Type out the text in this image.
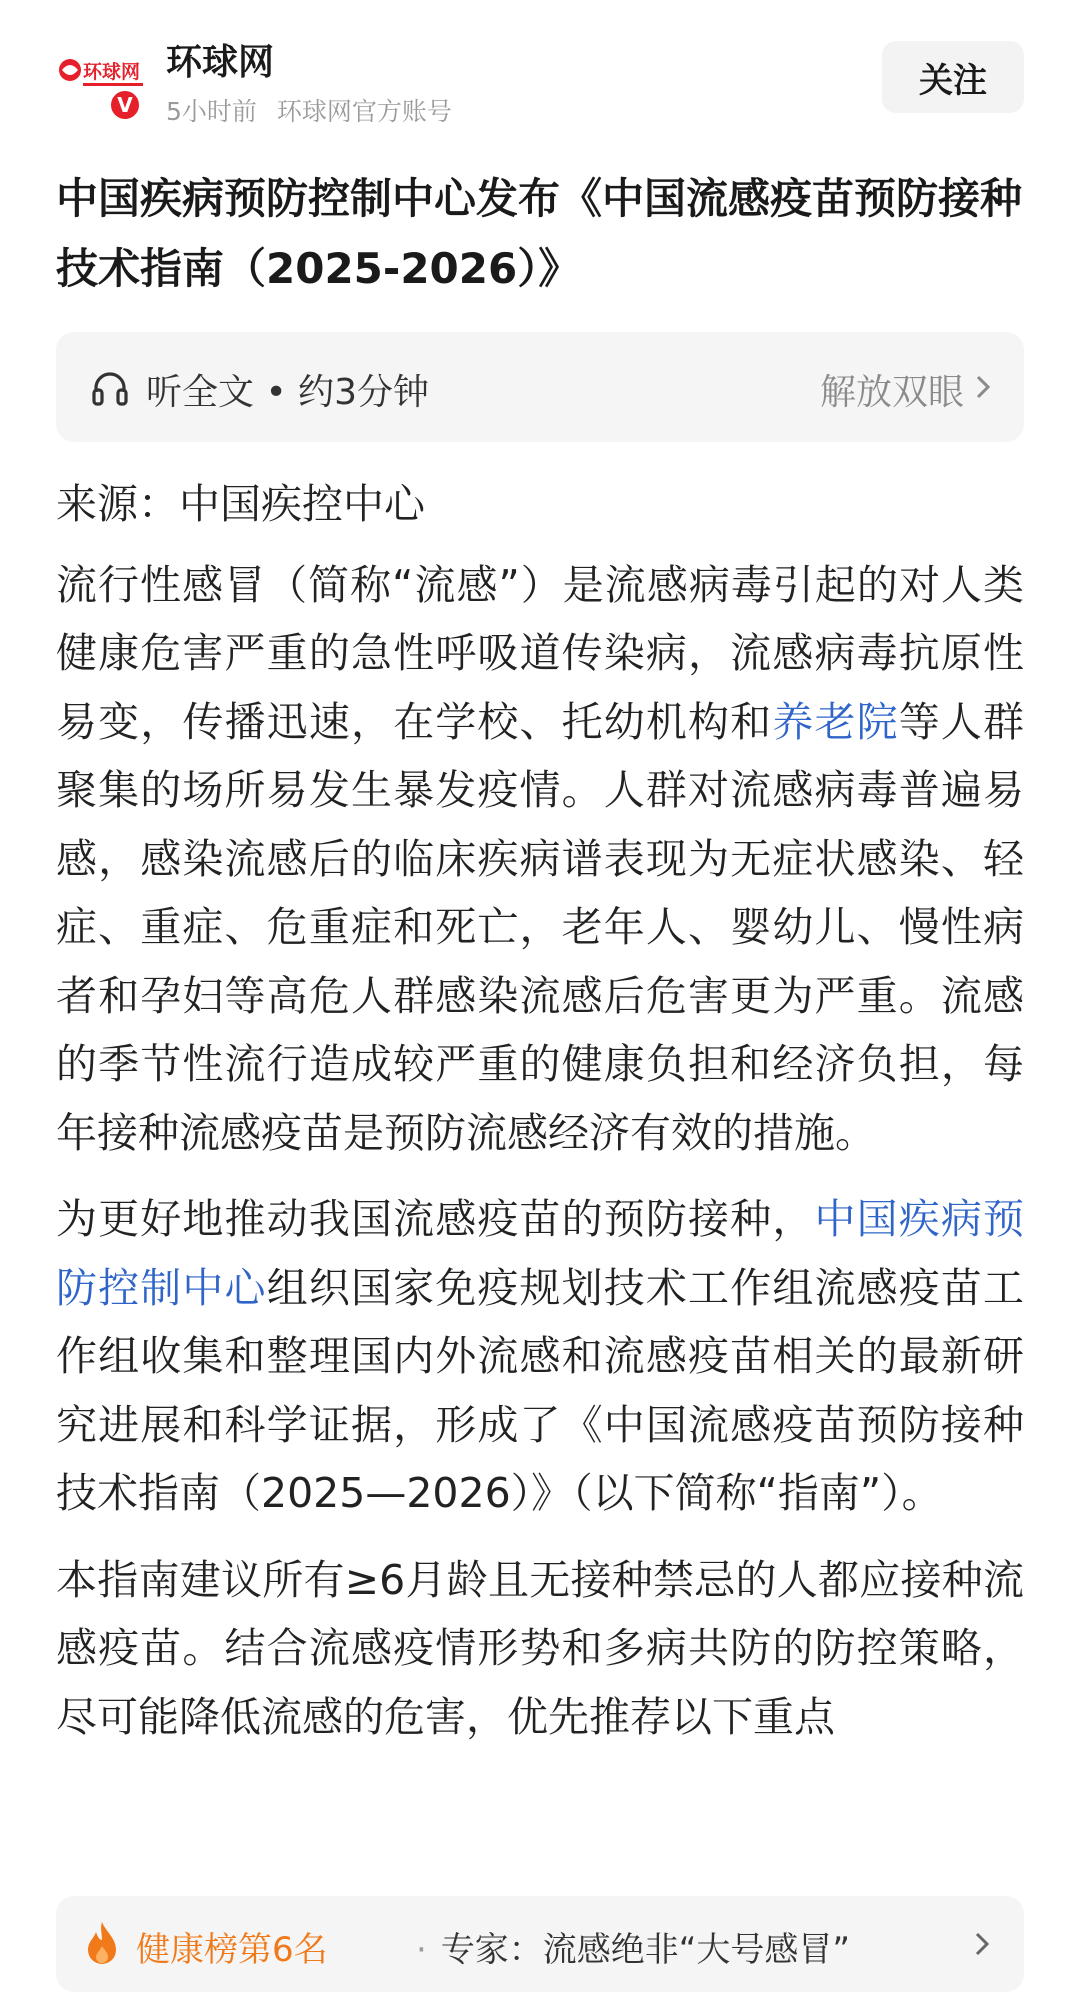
环球网
V
环球网
5小时前 环球网官方账号
关注
中国疾病预防控制中心发布《中国流感疫苗预防接种技术指南（2025-2026）》
听全文 • 约3分钟	解放双眼

来源：中国疾控中心

流行性感冒（简称“流感”）是流感病毒引起的对人类健康危害严重的急性呼吸道传染病，流感病毒抗原性易变，传播迅速，在学校、托幼机构和养老院等人群聚集的场所易发生暴发疫情。人群对流感病毒普遍易感，感染流感后的临床疾病谱表现为无症状感染、轻症、重症、危重症和死亡，老年人、婴幼儿、慢性病者和孕妇等高危人群感染流感后危害更为严重。流感的季节性流行造成较严重的健康负担和经济负担，每年接种流感疫苗是预防流感经济有效的措施。

为更好地推动我国流感疫苗的预防接种，中国疾病预防控制中心组织国家免疫规划技术工作组流感疫苗工作组收集和整理国内外流感和流感疫苗相关的最新研究进展和科学证据，形成了《中国流感疫苗预防接种技术指南（2025—2026）》（以下简称“指南”）。

本指南建议所有≥6月龄且无接种禁忌的人都应接种流感疫苗。结合流感疫情形势和多病共防的防控策略，尽可能降低流感的危害，优先推荐以下重点

健康榜第6名	· 专家：流感绝非“大号感冒”
